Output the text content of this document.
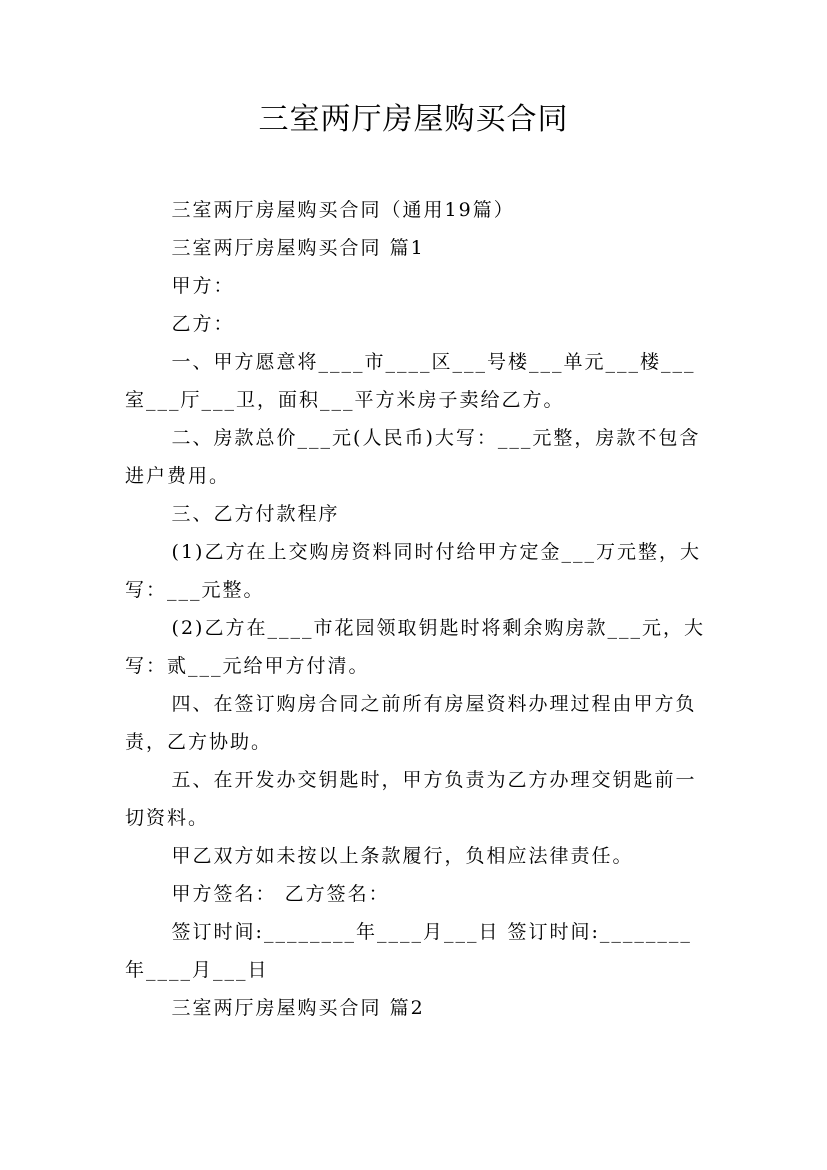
三室两厅房屋购买合同

三室两厅房屋购买合同（通用19篇）

三室两厅房屋购买合同 篇1

甲方：

乙方：

一、甲方愿意将____市____区___号楼___单元___楼___室___厅___卫，面积___平方米房子卖给乙方。

二、房款总价___元(人民币)大写：___元整，房款不包含进户费用。

三、乙方付款程序

(1)乙方在上交购房资料同时付给甲方定金___万元整，大写：___元整。

(2)乙方在____市花园领取钥匙时将剩余购房款___元，大写：贰___元给甲方付清。

四、在签订购房合同之前所有房屋资料办理过程由甲方负责，乙方协助。

五、在开发办交钥匙时，甲方负责为乙方办理交钥匙前一切资料。

甲乙双方如未按以上条款履行，负相应法律责任。

甲方签名： 乙方签名：

签订时间:________年____月___日 签订时间:________年____月___日

三室两厅房屋购买合同 篇2
